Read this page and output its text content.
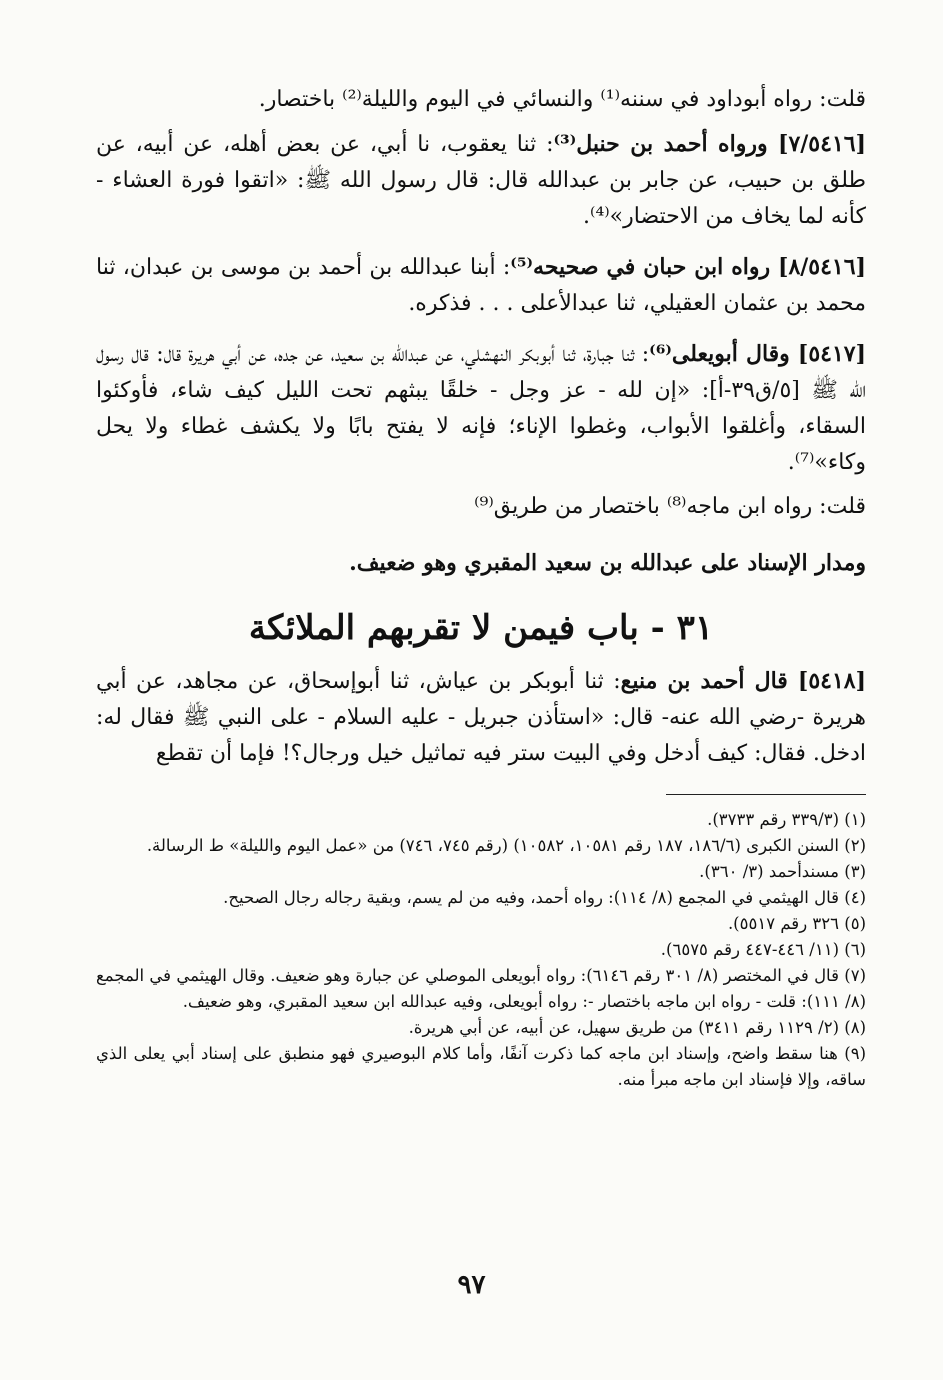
قلت: رواه أبوداود في سننه⁽¹⁾ والنسائي في اليوم والليلة⁽²⁾ باختصار.

[٧/٥٤١٦] ورواه أحمد بن حنبل⁽³⁾: ثنا يعقوب، نا أبي، عن بعض أهله، عن أبيه، عن طلق بن حبيب، عن جابر بن عبدالله قال: قال رسول الله ﷺ: «اتقوا فورة العشاء - كأنه لما يخاف من الاحتضار»⁽⁴⁾.

[٨/٥٤١٦] رواه ابن حبان في صحيحه⁽⁵⁾: أبنا عبدالله بن أحمد بن موسى بن عبدان، ثنا محمد بن عثمان العقيلي، ثنا عبدالأعلى . . . فذكره.

[٥٤١٧] وقال أبويعلى⁽⁶⁾: ثنا جبارة، ثنا أبوبكر النهشلي، عن عبدالله بن سعيد، عن جده، عن أبي هريرة قال: قال رسول الله ﷺ [٥/ق٣٩-أ]: «إن لله - عز وجل - خلقًا يبثهم تحت الليل كيف شاء، فأوكئوا السقاء، وأغلقوا الأبواب، وغطوا الإناء؛ فإنه لا يفتح بابًا ولا يكشف غطاء ولا يحل وكاء»⁽⁷⁾.

قلت: رواه ابن ماجه⁽⁸⁾ باختصار من طريق⁽⁹⁾

ومدار الإسناد على عبدالله بن سعيد المقبري وهو ضعيف.

٣١ - باب فيمن لا تقربهم الملائكة

[٥٤١٨] قال أحمد بن منيع: ثنا أبوبكر بن عياش، ثنا أبوإسحاق، عن مجاهد، عن أبي هريرة -رضي الله عنه- قال: «استأذن جبريل - عليه السلام - على النبي ﷺ فقال له: ادخل. فقال: كيف أدخل وفي البيت ستر فيه تماثيل خيل ورجال؟! فإما أن تقطع

(١) (٣٣٩/٣ رقم ٣٧٣٣).

(٢) السنن الكبرى (١٨٦/٦، ١٨٧ رقم ١٠٥٨١، ١٠٥٨٢) (رقم ٧٤٥، ٧٤٦) من «عمل اليوم والليلة» ط الرسالة.

(٣) مسندأحمد (٣/ ٣٦٠).

(٤) قال الهيثمي في المجمع (٨/ ١١٤): رواه أحمد، وفيه من لم يسم، وبقية رجاله رجال الصحيح.

(٥) ٣٢٦ رقم ٥٥١٧).

(٦) (١١/ ٤٤٦-٤٤٧ رقم ٦٥٧٥).

(٧) قال في المختصر (٨/ ٣٠١ رقم ٦١٤٦): رواه أبويعلى الموصلي عن جبارة وهو ضعيف. وقال الهيثمي في المجمع (٨/ ١١١): قلت - رواه ابن ماجه باختصار -: رواه أبويعلى، وفيه عبدالله ابن سعيد المقبري، وهو ضعيف.

(٨) (٢/ ١١٢٩ رقم ٣٤١١) من طريق سهيل، عن أبيه، عن أبي هريرة.

(٩) هنا سقط واضح، وإسناد ابن ماجه كما ذكرت آنفًا، وأما كلام البوصيري فهو منطبق على إسناد أبي يعلى الذي ساقه، وإلا فإسناد ابن ماجه مبرأ منه.

٩٧
